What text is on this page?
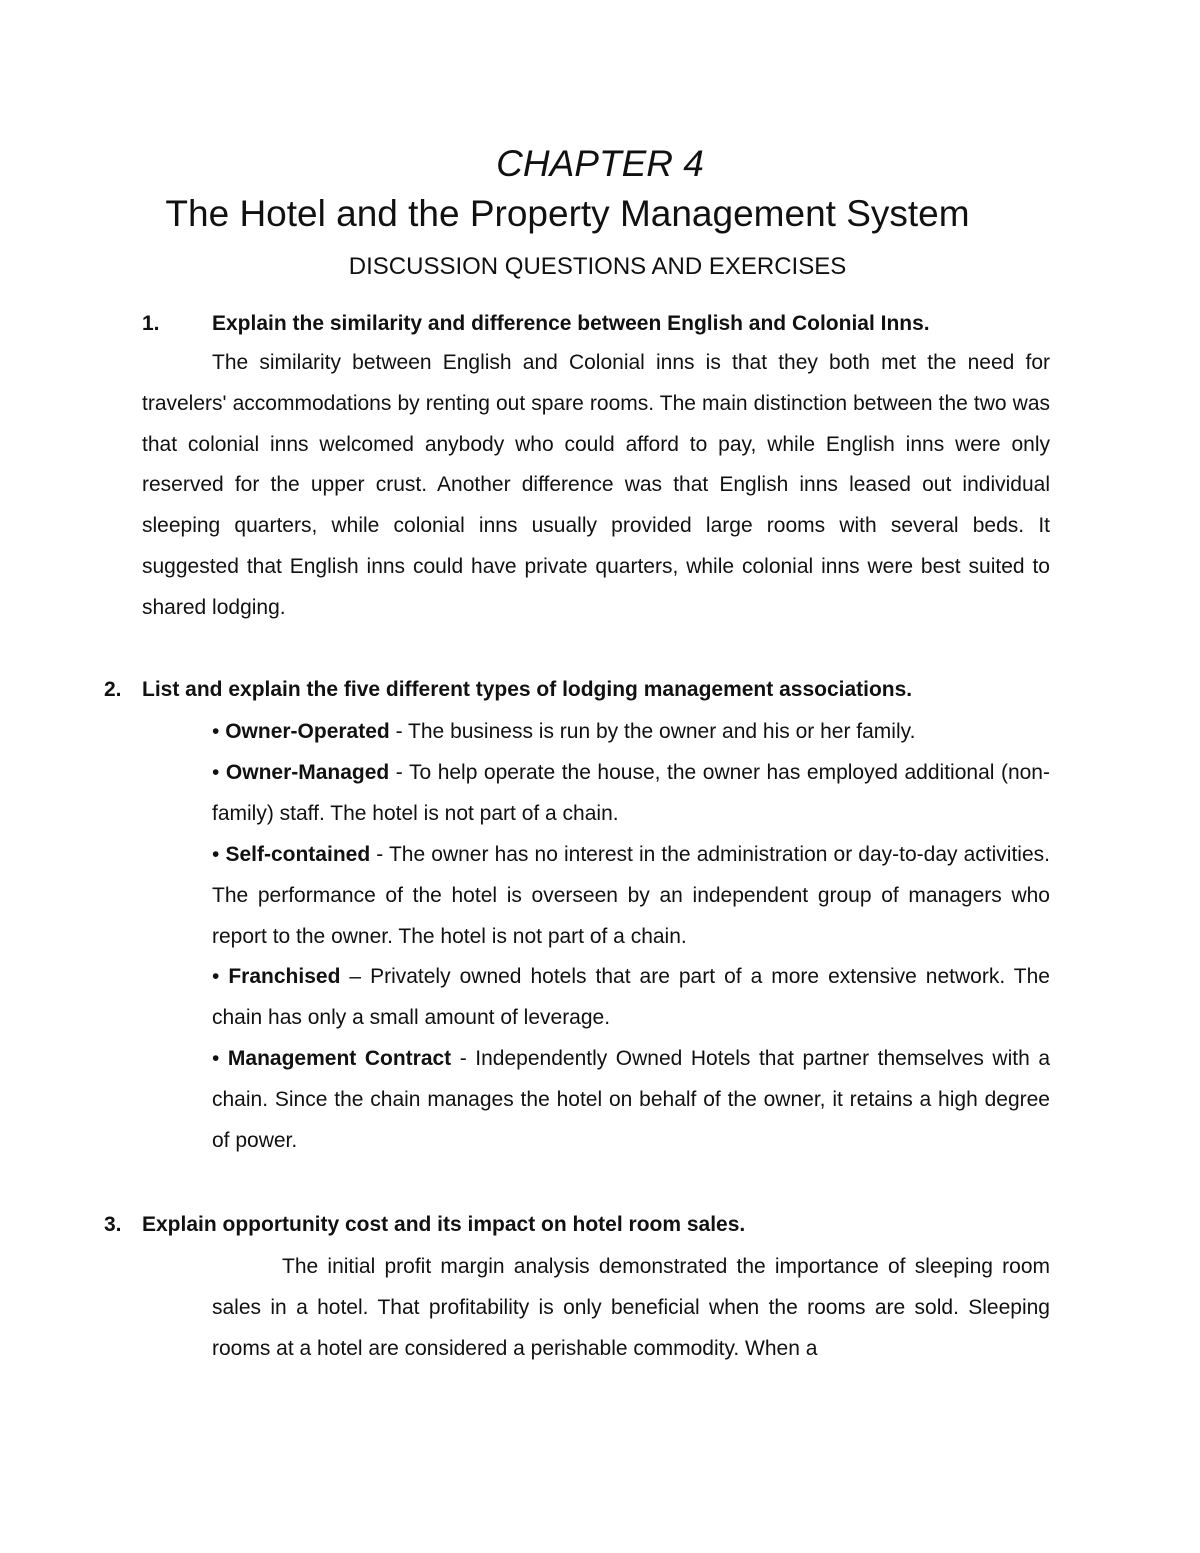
CHAPTER 4
The Hotel and the Property Management System
DISCUSSION QUESTIONS AND EXERCISES

1. Explain the similarity and difference between English and Colonial Inns.

The similarity between English and Colonial inns is that they both met the need for travelers' accommodations by renting out spare rooms. The main distinction between the two was that colonial inns welcomed anybody who could afford to pay, while English inns were only reserved for the upper crust. Another difference was that English inns leased out individual sleeping quarters, while colonial inns usually provided large rooms with several beds. It suggested that English inns could have private quarters, while colonial inns were best suited to shared lodging.

2. List and explain the five different types of lodging management associations.

• Owner-Operated - The business is run by the owner and his or her family.

• Owner-Managed - To help operate the house, the owner has employed additional (non-family) staff. The hotel is not part of a chain.

• Self-contained - The owner has no interest in the administration or day-to-day activities. The performance of the hotel is overseen by an independent group of managers who report to the owner. The hotel is not part of a chain.

• Franchised – Privately owned hotels that are part of a more extensive network. The chain has only a small amount of leverage.

• Management Contract - Independently Owned Hotels that partner themselves with a chain. Since the chain manages the hotel on behalf of the owner, it retains a high degree of power.

3. Explain opportunity cost and its impact on hotel room sales.

The initial profit margin analysis demonstrated the importance of sleeping room sales in a hotel. That profitability is only beneficial when the rooms are sold. Sleeping rooms at a hotel are considered a perishable commodity. When a
